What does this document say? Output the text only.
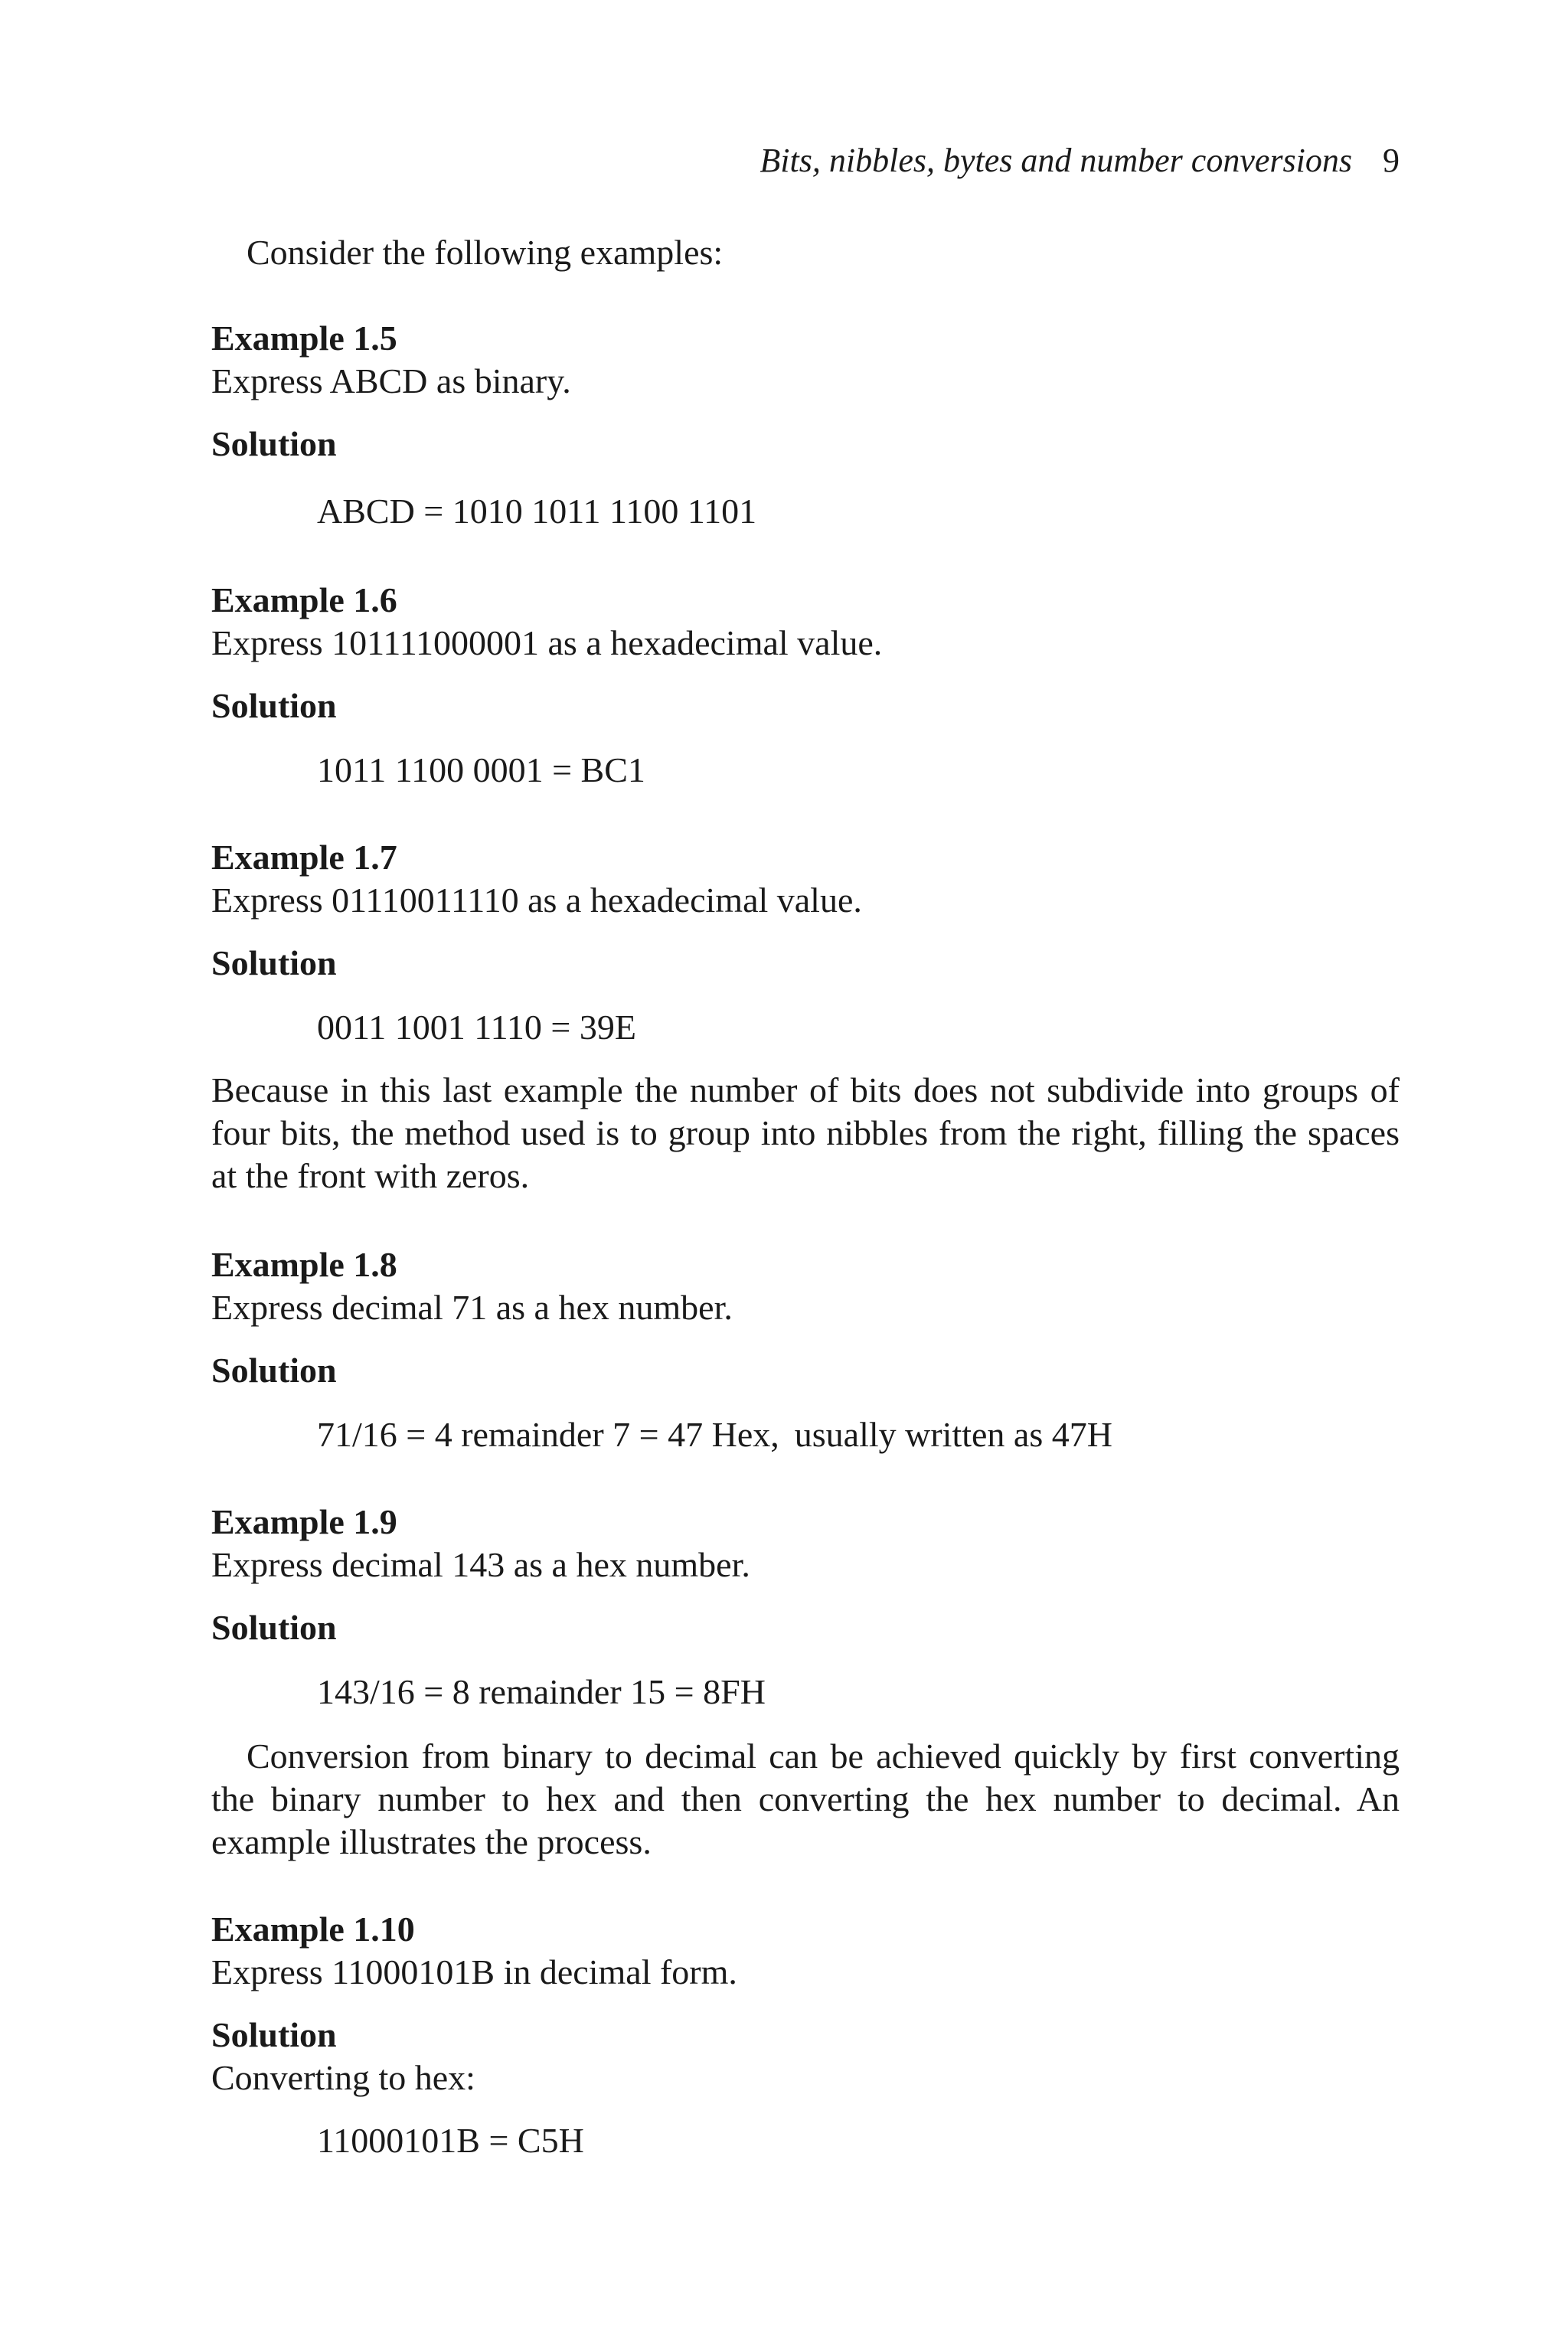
Bits, nibbles, bytes and number conversions 9
Consider the following examples:
Example 1.5
Express ABCD as binary.
Solution
ABCD = 1010 1011 1100 1101
Example 1.6
Express 101111000001 as a hexadecimal value.
Solution
1011 1100 0001 = BC1
Example 1.7
Express 01110011110 as a hexadecimal value.
Solution
0011 1001 1110 = 39E
Because in this last example the number of bits does not subdivide into groups of four bits, the method used is to group into nibbles from the right, filling the spaces at the front with zeros.
Example 1.8
Express decimal 71 as a hex number.
Solution
71/16 = 4 remainder 7 = 47 Hex, usually written as 47H
Example 1.9
Express decimal 143 as a hex number.
Solution
143/16 = 8 remainder 15 = 8FH
Conversion from binary to decimal can be achieved quickly by first converting the binary number to hex and then converting the hex number to decimal. An example illustrates the process.
Example 1.10
Express 11000101B in decimal form.
Solution
Converting to hex:
11000101B = C5H
